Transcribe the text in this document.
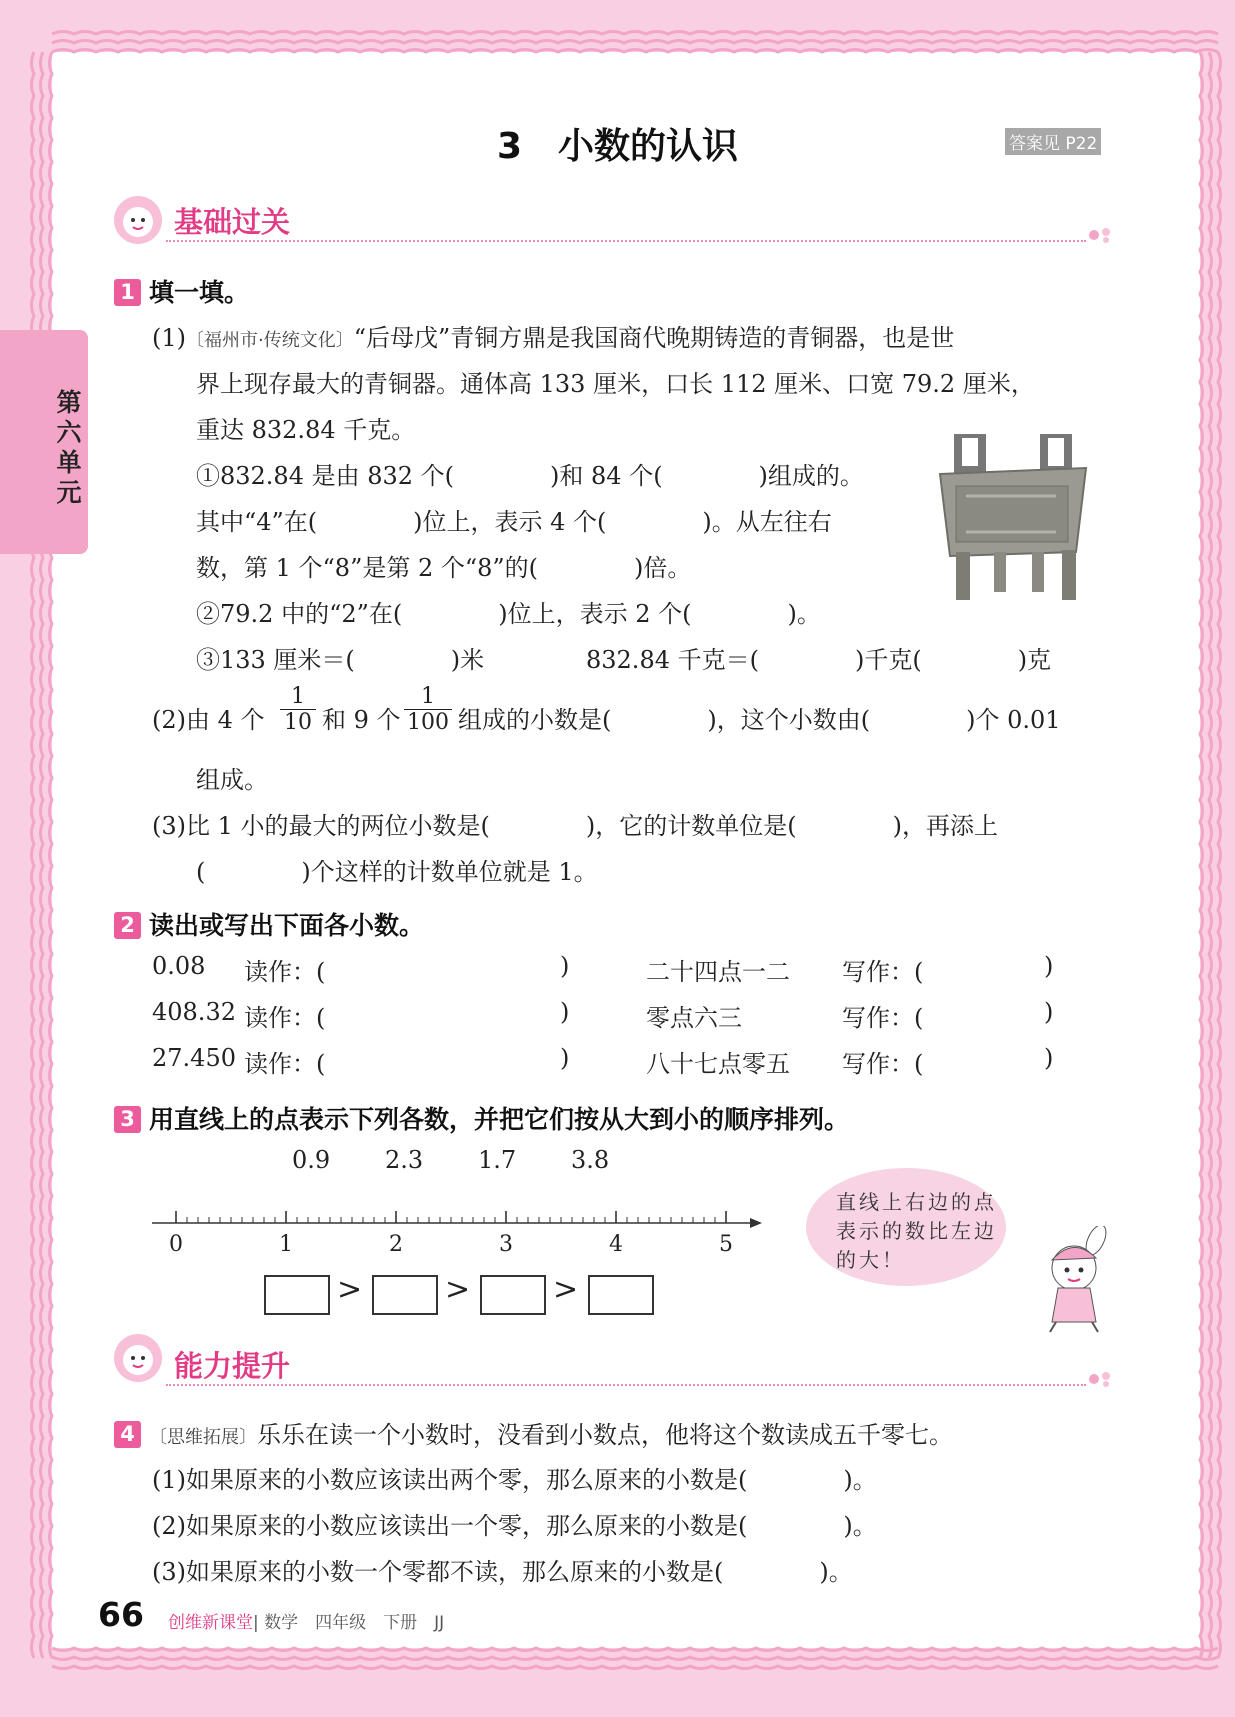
第六单元
3　小数的认识	答案见 P22
基础过关
1 填一填。
(1)〔福州市·传统文化〕“后母戊”青铜方鼎是我国商代晚期铸造的青铜器，也是世
界上现存最大的青铜器。通体高 133 厘米，口长 112 厘米、口宽 79.2 厘米，
重达 832.84 千克。
①832.84 是由 832 个(　　　　)和 84 个(　　　　)组成的。
其中“4”在(　　　　)位上，表示 4 个(　　　　)。从左往右
数，第 1 个“8”是第 2 个“8”的(　　　　)倍。
②79.2 中的“2”在(　　　　)位上，表示 2 个(　　　　)。
③133 厘米＝(　　　　)米	832.84 千克＝(　　　　)千克(　　　　)克
(2)由 4 个 $\frac{1}{10}$ 和 9 个 $\frac{1}{100}$ 组成的小数是(　　　　)，这个小数由(　　　　)个 0.01
组成。
(3)比 1 小的最大的两位小数是(　　　　)，它的计数单位是(　　　　)，再添上
(　　　　)个这样的计数单位就是 1。
2 读出或写出下面各小数。
0.08 读作：(	)	二十四点一二 写作：(	)
408.32 读作：(	)	零点六三	写作：(	)
27.450 读作：(	)	八十七点零五 写作：(	)
3 用直线上的点表示下列各数，并把它们按从大到小的顺序排列。
0.9 2.3 1.7 3.8
0	1	2	3	4	5
>	>	>
直线上右边的点表示的数比左边的大！
能力提升
4 〔思维拓展〕乐乐在读一个小数时，没看到小数点，他将这个数读成五千零七。
(1)如果原来的小数应该读出两个零，那么原来的小数是(　　　　)。
(2)如果原来的小数应该读出一个零，那么原来的小数是(　　　　)。
(3)如果原来的小数一个零都不读，那么原来的小数是(　　　　)。
66 创维新课堂| 数学　四年级　下册　JJ
